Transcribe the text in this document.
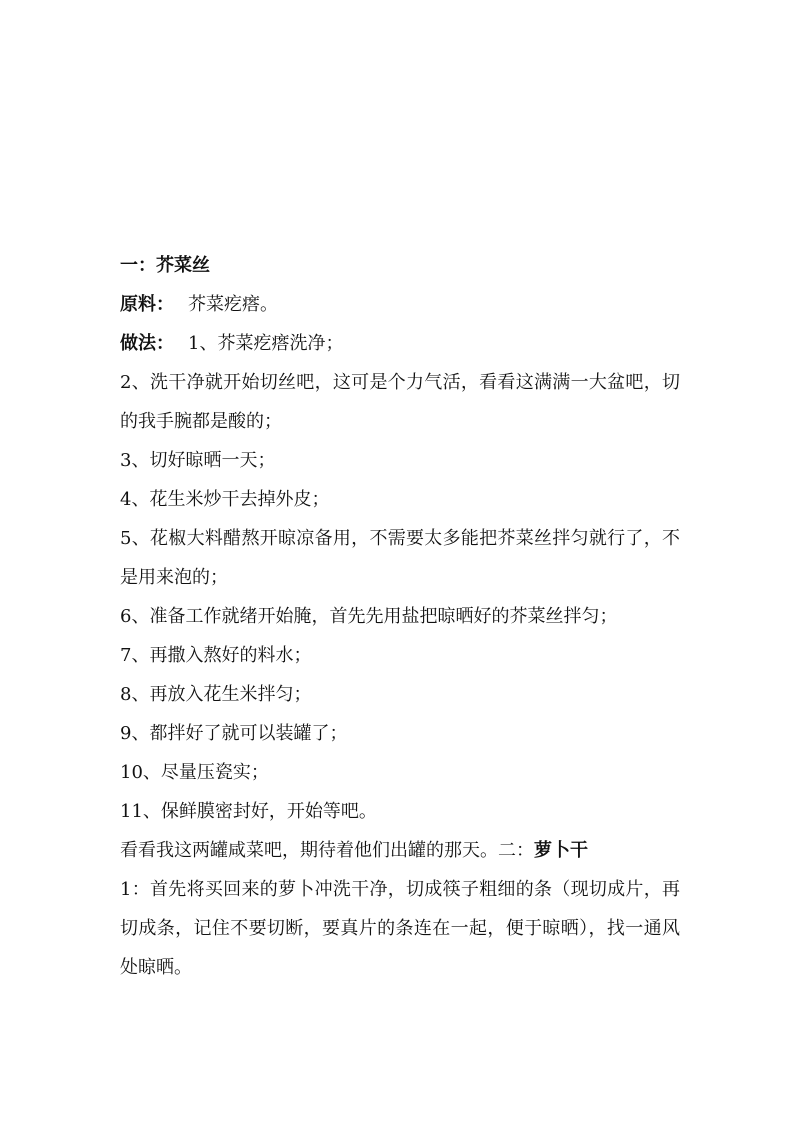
一：芥菜丝
原料： 芥菜疙瘩。
做法： 1、芥菜疙瘩洗净；
2、洗干净就开始切丝吧，这可是个力气活，看看这满满一大盆吧，切的我手腕都是酸的；
3、切好晾晒一天；
4、花生米炒干去掉外皮；
5、花椒大料醋熬开晾凉备用，不需要太多能把芥菜丝拌匀就行了，不是用来泡的；
6、准备工作就绪开始腌，首先先用盐把晾晒好的芥菜丝拌匀；
7、再撒入熬好的料水；
8、再放入花生米拌匀；
9、都拌好了就可以装罐了；
10、尽量压瓷实；
11、保鲜膜密封好，开始等吧。
看看我这两罐咸菜吧，期待着他们出罐的那天。二：萝卜干
1：首先将买回来的萝卜冲洗干净，切成筷子粗细的条（现切成片，再切成条，记住不要切断，要真片的条连在一起，便于晾晒），找一通风处晾晒。
